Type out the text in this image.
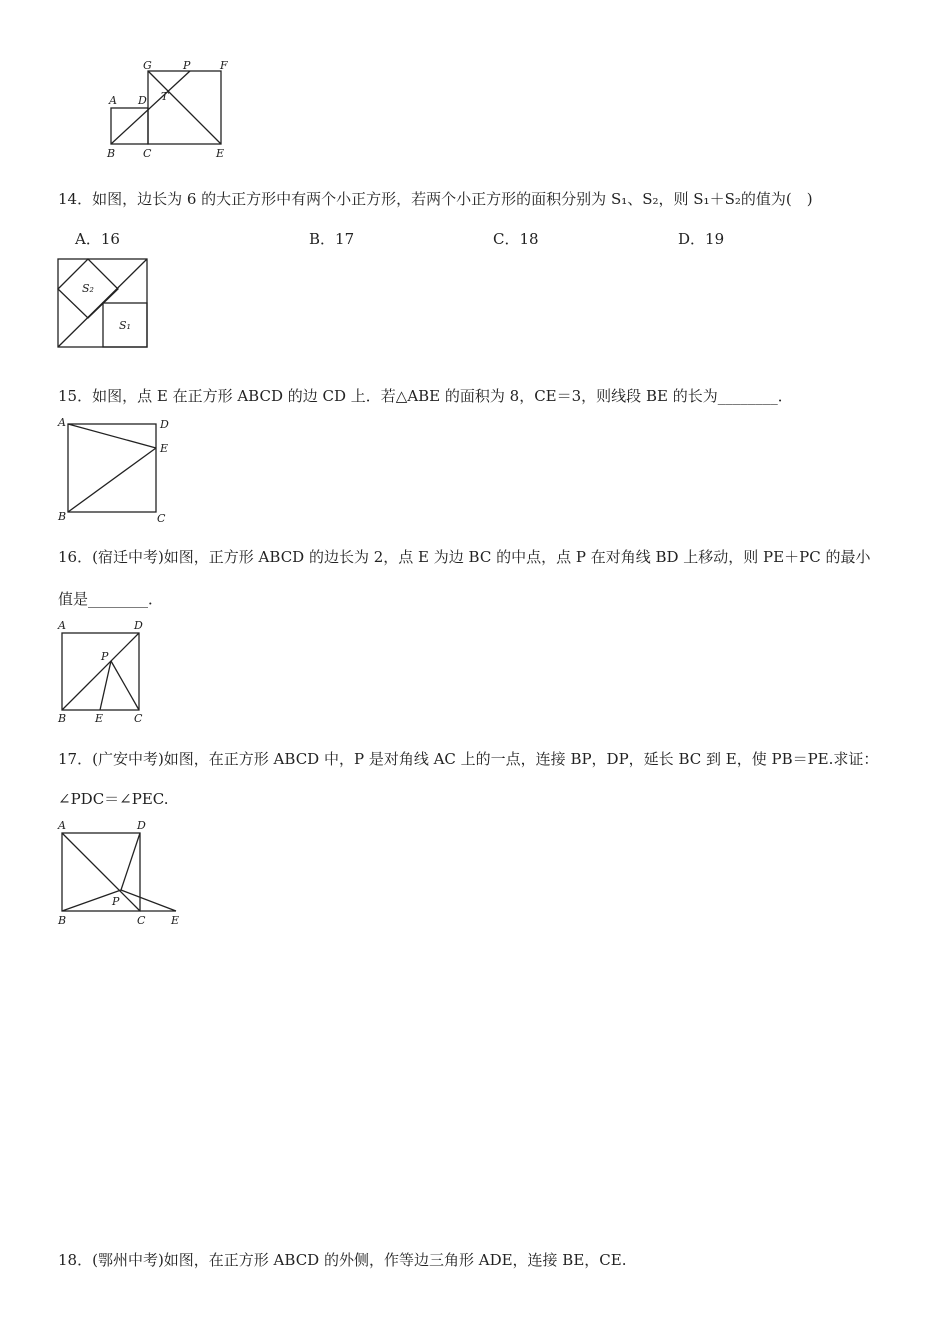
G	P	F
A D T
B	C	E
14．如图，边长为 6 的大正方形中有两个小正方形，若两个小正方形的面积分别为 S₁、S₂，则 S₁＋S₂的值为(　)
A．16	B．17	C．18	D．19
S₂
S₁
15．如图，点 E 在正方形 ABCD 的边 CD 上．若△ABE 的面积为 8，CE＝3，则线段 BE 的长为________．
A	D
E
B	C
16．(宿迁中考)如图，正方形 ABCD 的边长为 2，点 E 为边 BC 的中点，点 P 在对角线 BD 上移动，则 PE＋PC 的最小
值是________．
A	D
P
B	E	C
17．(广安中考)如图，在正方形 ABCD 中，P 是对角线 AC 上的一点，连接 BP，DP，延长 BC 到 E，使 PB＝PE.求证：
∠PDC＝∠PEC.
A	D
P
B	C E
18．(鄂州中考)如图，在正方形 ABCD 的外侧，作等边三角形 ADE，连接 BE，CE.
